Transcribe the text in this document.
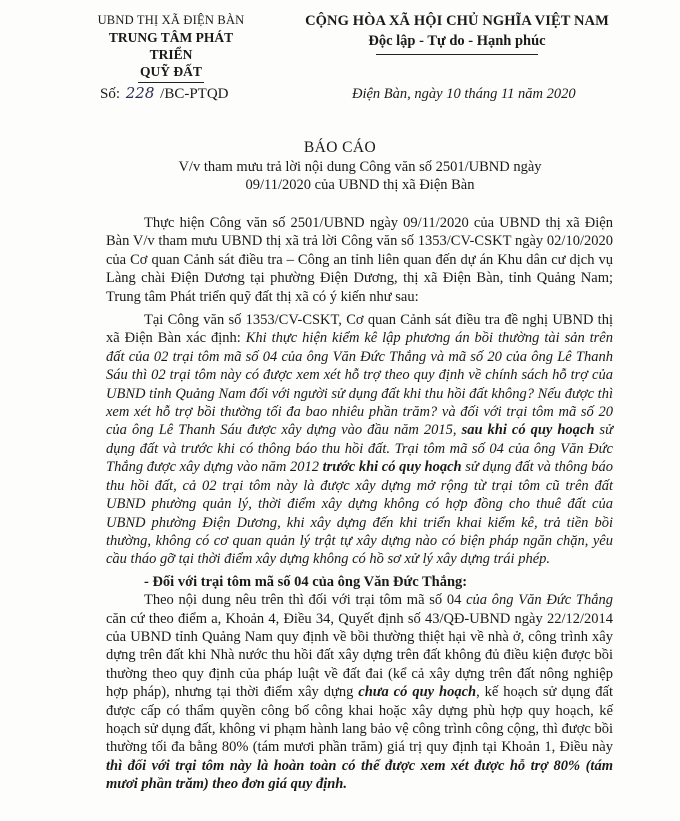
UBND THỊ XÃ ĐIỆN BÀN
TRUNG TÂM PHÁT TRIỂN
QUỸ ĐẤT
CỘNG HÒA XÃ HỘI CHỦ NGHĨA VIỆT NAM
Độc lập - Tự do - Hạnh phúc
Số: 228 /BC-PTQD	Điện Bàn, ngày 10 tháng 11 năm 2020
BÁO CÁO
V/v tham mưu trả lời nội dung Công văn số 2501/UBND ngày 09/11/2020 của UBND thị xã Điện Bàn

Thực hiện Công văn số 2501/UBND ngày 09/11/2020 của UBND thị xã Điện Bàn V/v tham mưu UBND thị xã trả lời Công văn số 1353/CV-CSKT ngày 02/10/2020 của Cơ quan Cảnh sát điều tra – Công an tỉnh liên quan đến dự án Khu dân cư dịch vụ Làng chài Điện Dương tại phường Điện Dương, thị xã Điện Bàn, tỉnh Quảng Nam; Trung tâm Phát triển quỹ đất thị xã có ý kiến như sau:

Tại Công văn số 1353/CV-CSKT, Cơ quan Cảnh sát điều tra đề nghị UBND thị xã Điện Bàn xác định: Khi thực hiện kiểm kê lập phương án bồi thường tài sản trên đất của 02 trại tôm mã số 04 của ông Văn Đức Thắng và mã số 20 của ông Lê Thanh Sáu thì 02 trại tôm này có được xem xét hỗ trợ theo quy định về chính sách hỗ trợ của UBND tỉnh Quảng Nam đối với người sử dụng đất khi thu hồi đất không? Nếu được thì xem xét hỗ trợ bồi thường tối đa bao nhiêu phần trăm? và đối với trại tôm mã số 20 của ông Lê Thanh Sáu được xây dựng vào đầu năm 2015, sau khi có quy hoạch sử dụng đất và trước khi có thông báo thu hồi đất. Trại tôm mã số 04 của ông Văn Đức Thắng được xây dựng vào năm 2012 trước khi có quy hoạch sử dụng đất và thông báo thu hồi đất, cả 02 trại tôm này là được xây dựng mở rộng từ trại tôm cũ trên đất UBND phường quản lý, thời điểm xây dựng không có hợp đồng cho thuê đất của UBND phường Điện Dương, khi xây dựng đến khi triển khai kiểm kê, trả tiền bồi thường, không có cơ quan quản lý trật tự xây dựng nào có biện pháp ngăn chặn, yêu cầu tháo gỡ tại thời điểm xây dựng không có hồ sơ xử lý xây dựng trái phép.

- Đối với trại tôm mã số 04 của ông Văn Đức Thắng:

Theo nội dung nêu trên thì đối với trại tôm mã số 04 của ông Văn Đức Thắng căn cứ theo điểm a, Khoản 4, Điều 34, Quyết định số 43/QĐ-UBND ngày 22/12/2014 của UBND tỉnh Quảng Nam quy định về bồi thường thiệt hại về nhà ở, công trình xây dựng trên đất khi Nhà nước thu hồi đất xây dựng trên đất không đủ điều kiện được bồi thường theo quy định của pháp luật về đất đai (kể cả xây dựng trên đất nông nghiệp hợp pháp), nhưng tại thời điểm xây dựng chưa có quy hoạch, kế hoạch sử dụng đất được cấp có thẩm quyền công bố công khai hoặc xây dựng phù hợp quy hoạch, kế hoạch sử dụng đất, không vi phạm hành lang bảo vệ công trình công cộng, thì được bồi thường tối đa bằng 80% (tám mươi phần trăm) giá trị quy định tại Khoản 1, Điều này thì đối với trại tôm này là hoàn toàn có thể được xem xét được hỗ trợ 80% (tám mươi phần trăm) theo đơn giá quy định.
